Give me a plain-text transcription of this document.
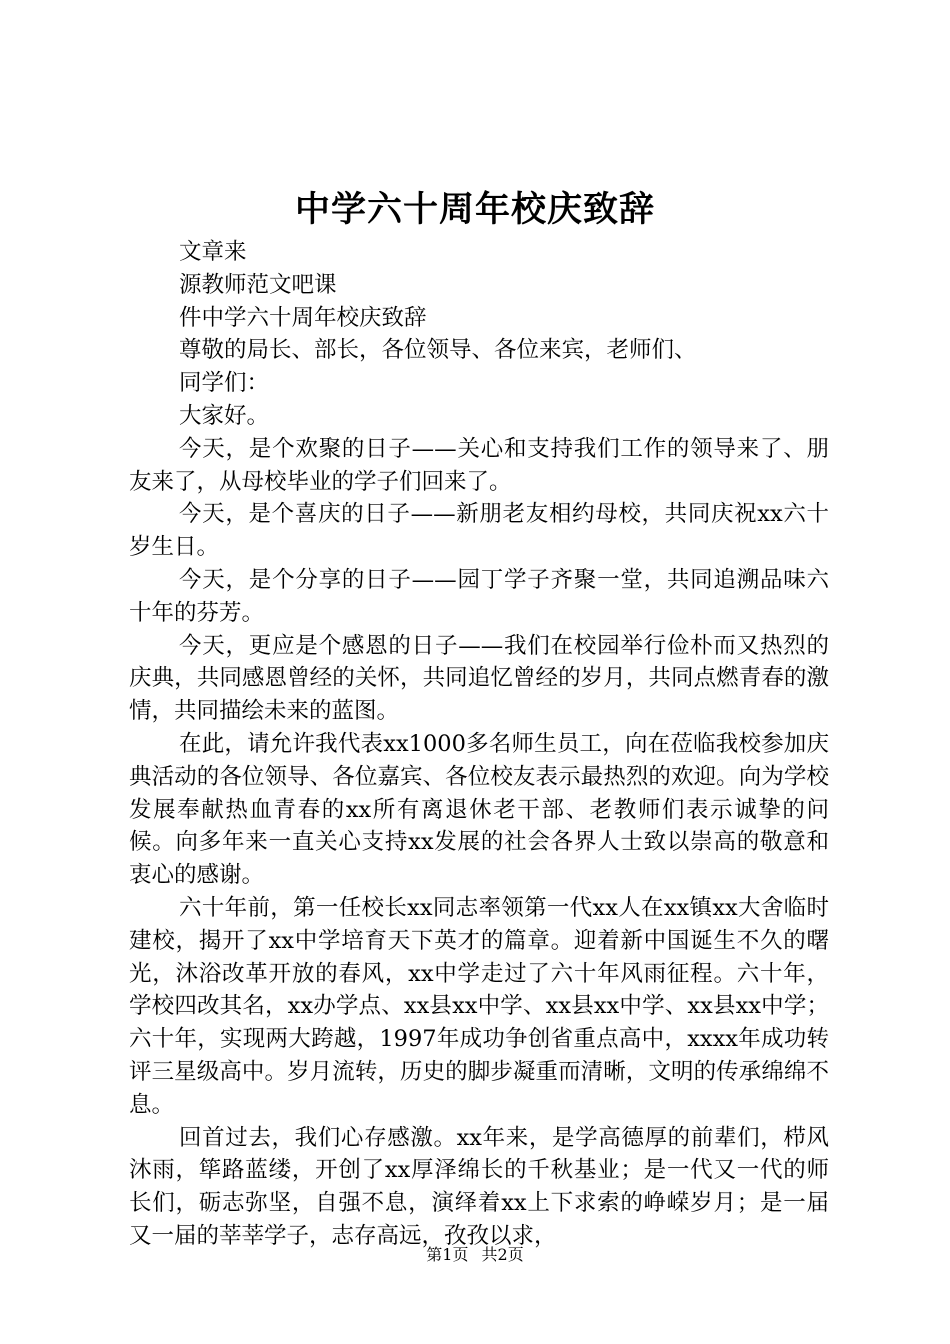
中学六十周年校庆致辞

文章来

源教师范文吧课

件中学六十周年校庆致辞

尊敬的局长、部长，各位领导、各位来宾，老师们、

同学们：

大家好。

今天，是个欢聚的日子——关心和支持我们工作的领导来了、朋友来了，从母校毕业的学子们回来了。

今天，是个喜庆的日子——新朋老友相约母校，共同庆祝xx六十岁生日。

今天，是个分享的日子——园丁学子齐聚一堂，共同追溯品味六十年的芬芳。

今天，更应是个感恩的日子——我们在校园举行俭朴而又热烈的庆典，共同感恩曾经的关怀，共同追忆曾经的岁月，共同点燃青春的激情，共同描绘未来的蓝图。

在此，请允许我代表xx1000多名师生员工，向在莅临我校参加庆典活动的各位领导、各位嘉宾、各位校友表示最热烈的欢迎。向为学校发展奉献热血青春的xx所有离退休老干部、老教师们表示诚挚的问候。向多年来一直关心支持xx发展的社会各界人士致以崇高的敬意和衷心的感谢。

六十年前，第一任校长xx同志率领第一代xx人在xx镇xx大舍临时建校，揭开了xx中学培育天下英才的篇章。迎着新中国诞生不久的曙光，沐浴改革开放的春风，xx中学走过了六十年风雨征程。六十年，学校四改其名，xx办学点、xx县xx中学、xx县xx中学、xx县xx中学；六十年，实现两大跨越，1997年成功争创省重点高中，xxxx年成功转评三星级高中。岁月流转，历史的脚步凝重而清晰，文明的传承绵绵不息。

回首过去，我们心存感激。xx年来，是学高德厚的前辈们，栉风沐雨，筚路蓝缕，开创了xx厚泽绵长的千秋基业；是一代又一代的师长们，砺志弥坚，自强不息，演绎着xx上下求索的峥嵘岁月；是一届又一届的莘莘学子，志存高远，孜孜以求，

第1页 共2页
